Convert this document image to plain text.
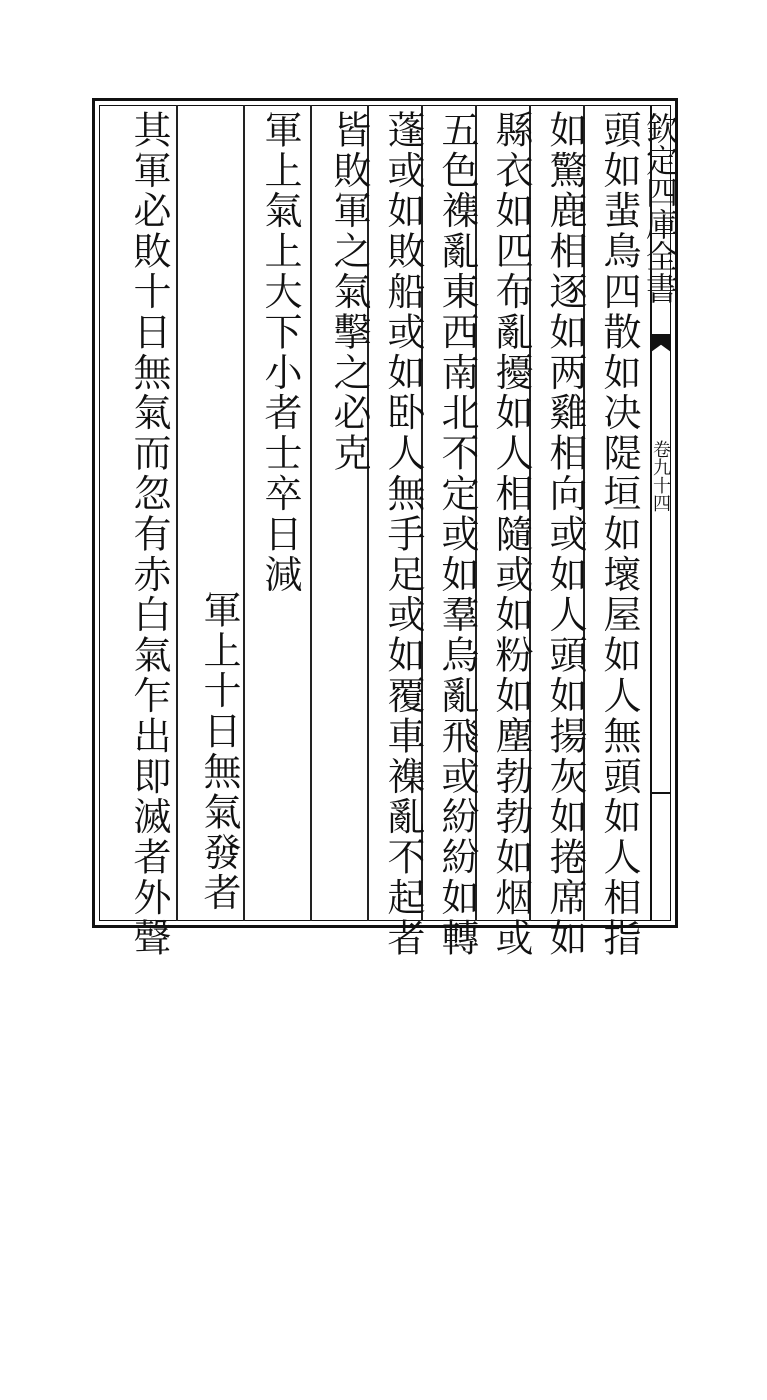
欽定四庫全書
卷九十四
頭如蜚鳥四散如决隄垣如壞屋如人無頭如人相指
如驚鹿相逐如两雞相向或如人頭如揚灰如捲席如
縣衣如匹布亂擾如人相隨或如粉如塵勃勃如烟或
五色襍亂東西南北不定或如羣烏亂飛或紛紛如轉
蓬或如敗船或如卧人無手足或如覆車襍亂不起者
皆敗軍之氣擊之必克
軍上氣上大下小者士卒日減
軍上十日無氣發者
其軍必敗十日無氣而忽有赤白氣乍出即滅者外聲
